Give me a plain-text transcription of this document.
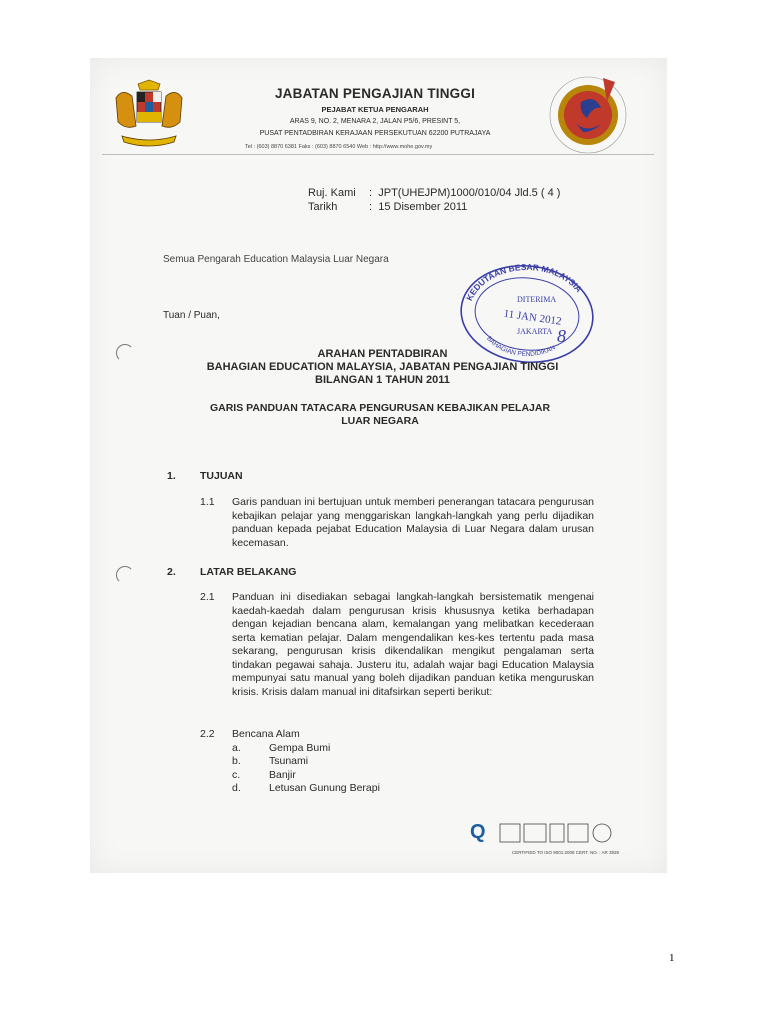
JABATAN PENGAJIAN TINGGI
PEJABAT KETUA PENGARAH
ARAS 9, NO. 2, MENARA 2, JALAN P5/6, PRESINT 5,
PUSAT PENTADBIRAN KERAJAAN PERSEKUTUAN 62200 PUTRAJAYA
Tel : (603) 8870 6381 Faks : (603) 8870 6540 Web : http://www.mohe.gov.my
Ruj. Kami :  JPT(UHEJPM)1000/010/04 Jld.5 ( 4 )
Tarikh	:  15 Disember 2011
Semua Pengarah Education Malaysia Luar Negara
Tuan / Puan,
KEDUTAAN BESAR MALAYSIA
DITERIMA
11 JAN 2012
JAKARTA
BAHAGIAN PENDIDIKAN
8
ARAHAN PENTADBIRAN
BAHAGIAN EDUCATION MALAYSIA, JABATAN PENGAJIAN TINGGI
BILANGAN 1 TAHUN 2011
GARIS PANDUAN TATACARA PENGURUSAN KEBAJIKAN PELAJAR
LUAR NEGARA
1. TUJUAN
1.1 Garis panduan ini bertujuan untuk memberi penerangan tatacara pengurusan kebajikan pelajar yang menggariskan langkah-langkah yang perlu dijadikan panduan kepada pejabat Education Malaysia di Luar Negara dalam urusan kecemasan.
2. LATAR BELAKANG
2.1 Panduan ini disediakan sebagai langkah-langkah bersistematik mengenai kaedah-kaedah dalam pengurusan krisis khususnya ketika berhadapan dengan kejadian bencana alam, kemalangan yang melibatkan kecederaan serta kematian pelajar. Dalam mengendalikan kes-kes tertentu pada masa sekarang, pengurusan krisis dikendalikan mengikut pengalaman serta tindakan pegawai sahaja. Justeru itu, adalah wajar bagi Education Malaysia mempunyai satu manual yang boleh dijadikan panduan ketika menguruskan krisis. Krisis dalam manual ini ditafsirkan seperti berikut:
2.2 Bencana Alam
a.	Gempa Bumi
b.	Tsunami
c.	Banjir
d.	Letusan Gunung Berapi
Q
CERTIFIED TO ISO 9001:2008 CERT. NO. : AR 3939
1
